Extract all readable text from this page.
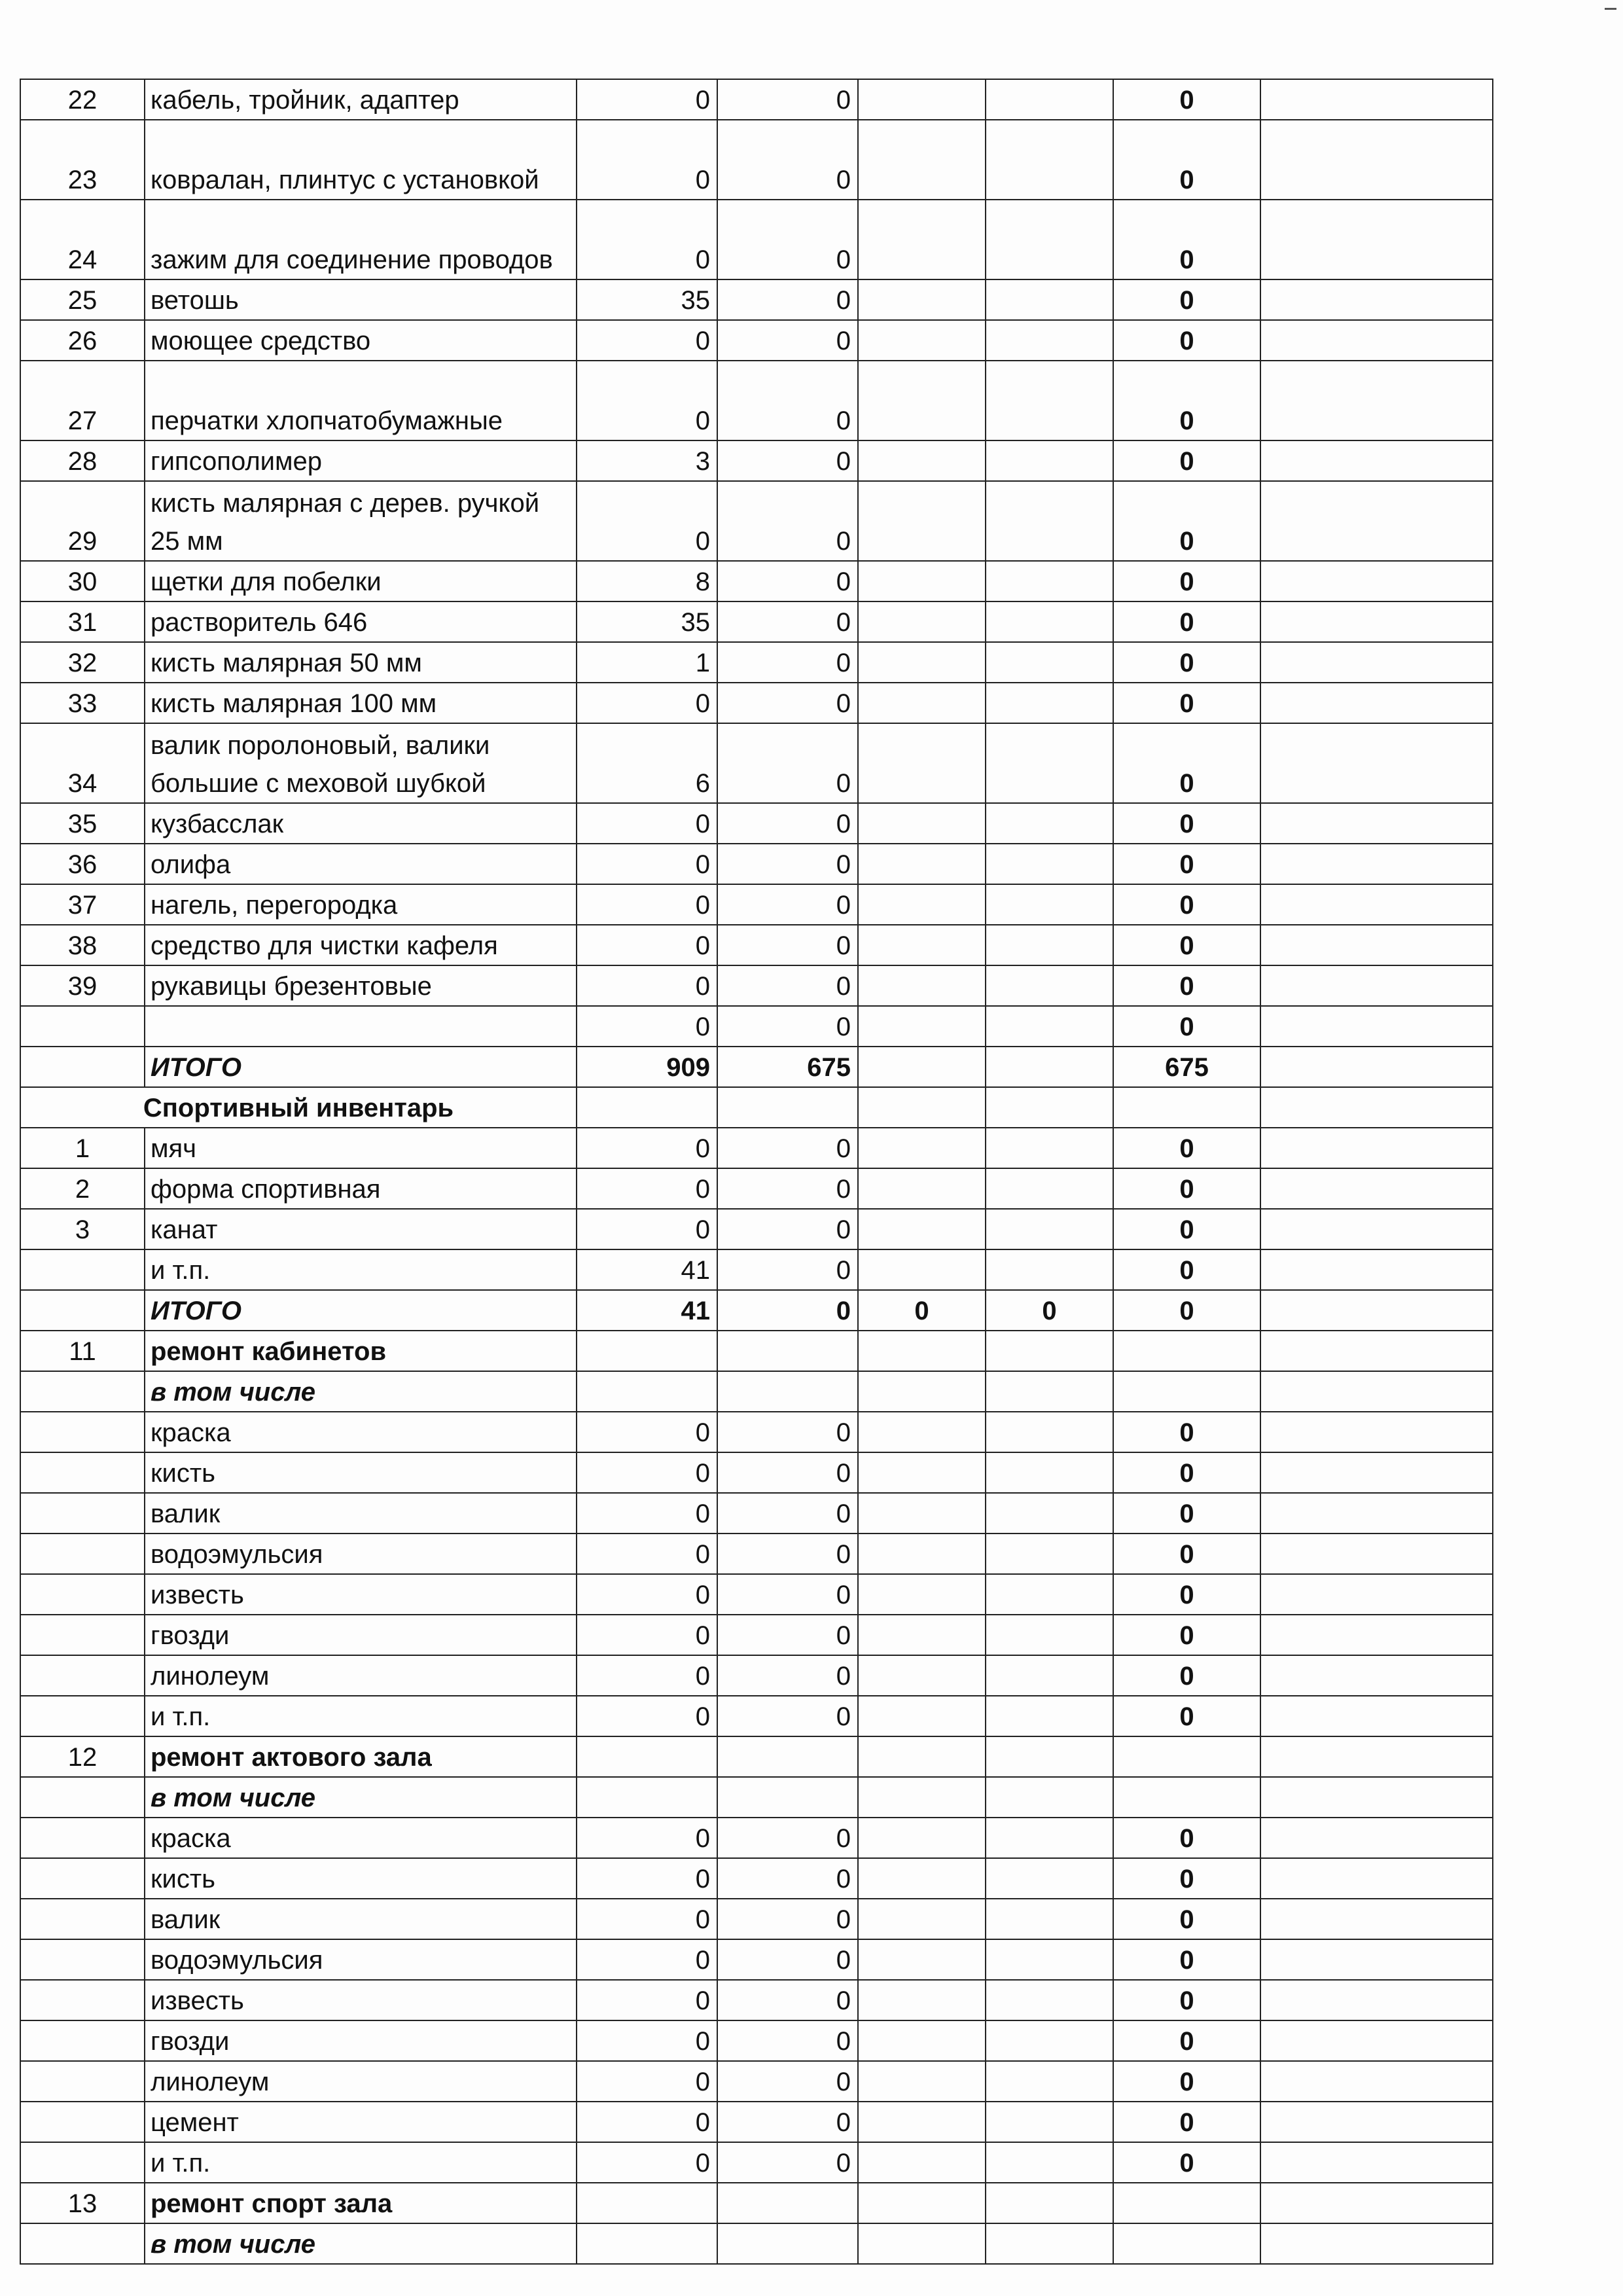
22	кабель, тройник, адаптер	0	0			0	
23	ковралан, плинтус с установкой	0	0			0	
24	зажим для соединение проводов	0	0			0	
25	ветошь	35	0			0	
26	моющее средство	0	0			0	
27	перчатки хлопчатобумажные	0	0			0	
28	гипсополимер	3	0			0	
29	кисть малярная с дерев. ручкой 25 мм	0	0			0	
30	щетки для побелки	8	0			0	
31	растворитель 646	35	0			0	
32	кисть малярная 50 мм	1	0			0	
33	кисть малярная 100 мм	0	0			0	
34	валик поролоновый, валики большие с меховой шубкой	6	0			0	
35	кузбасслак	0	0			0	
36	олифа	0	0			0	
37	нагель, перегородка	0	0			0	
38	средство для чистки кафеля	0	0			0	
39	рукавицы брезентовые	0	0			0	
		0	0			0	
	ИТОГО	909	675			675	
Спортивный инвентарь							
1	мяч	0	0			0	
2	форма спортивная	0	0			0	
3	канат	0	0			0	
	и т.п.	41	0			0	
	ИТОГО	41	0	0	0	0	
11	ремонт кабинетов						
	в том числе						
	краска	0	0			0	
	кисть	0	0			0	
	валик	0	0			0	
	водоэмульсия	0	0			0	
	известь	0	0			0	
	гвозди	0	0			0	
	линолеум	0	0			0	
	и т.п.	0	0			0	
12	ремонт актового зала						
	в том числе						
	краска	0	0			0	
	кисть	0	0			0	
	валик	0	0			0	
	водоэмульсия	0	0			0	
	известь	0	0			0	
	гвозди	0	0			0	
	линолеум	0	0			0	
	цемент	0	0			0	
	и т.п.	0	0			0	
13	ремонт спорт зала						
	в том числе						
